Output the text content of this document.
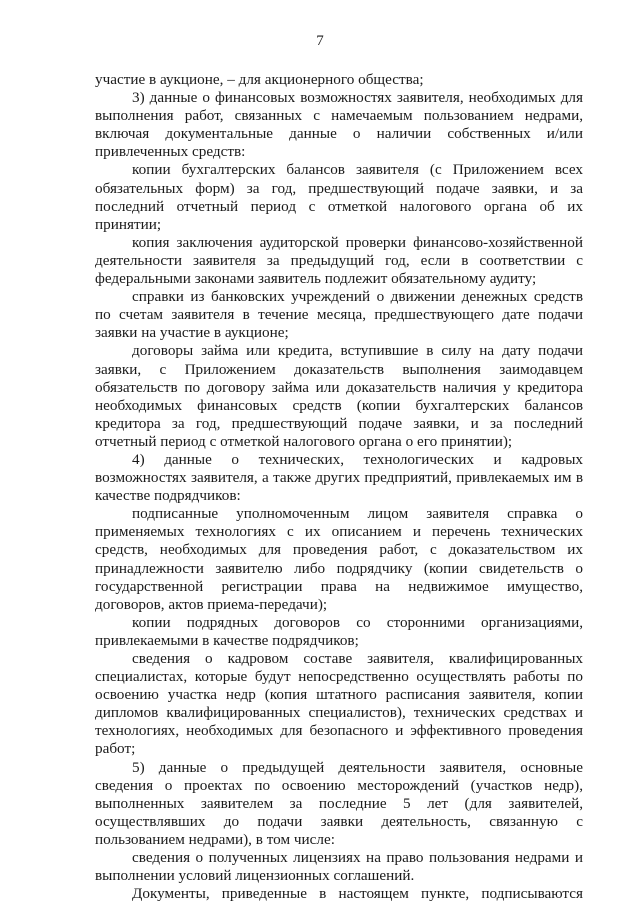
7

участие в аукционе, – для акционерного общества;

3) данные о финансовых возможностях заявителя, необходимых для выполнения работ, связанных с намечаемым пользованием недрами, включая документальные данные о наличии собственных и/или привлеченных средств:

копии бухгалтерских балансов заявителя (с Приложением всех обязательных форм) за год, предшествующий подаче заявки, и за последний отчетный период с отметкой налогового органа об их принятии;

копия заключения аудиторской проверки финансово-хозяйственной деятельности заявителя за предыдущий год, если в соответствии с федеральными законами заявитель подлежит обязательному аудиту;

справки из банковских учреждений о движении денежных средств по счетам заявителя в течение месяца, предшествующего дате подачи заявки на участие в аукционе;

договоры займа или кредита, вступившие в силу на дату подачи заявки, с Приложением доказательств выполнения заимодавцем обязательств по договору займа или доказательств наличия у кредитора необходимых финансовых средств (копии бухгалтерских балансов кредитора за год, предшествующий подаче заявки, и за последний отчетный период с отметкой налогового органа о его принятии);

4) данные о технических, технологических и кадровых возможностях заявителя, а также других предприятий, привлекаемых им в качестве подрядчиков:

подписанные уполномоченным лицом заявителя справка о применяемых технологиях с их описанием и перечень технических средств, необходимых для проведения работ, с доказательством их принадлежности заявителю либо подрядчику (копии свидетельств о государственной регистрации права на недвижимое имущество, договоров, актов приема-передачи);

копии подрядных договоров со сторонними организациями, привлекаемыми в качестве подрядчиков;

сведения о кадровом составе заявителя, квалифицированных специалистах, которые будут непосредственно осуществлять работы по освоению участка недр (копия штатного расписания заявителя, копии дипломов квалифицированных специалистов), технических средствах и технологиях, необходимых для безопасного и эффективного проведения работ;

5) данные о предыдущей деятельности заявителя, основные сведения о проектах по освоению месторождений (участков недр), выполненных заявителем за последние 5 лет (для заявителей, осуществлявших до подачи заявки деятельность, связанную с пользованием недрами), в том числе:

сведения о полученных лицензиях на право пользования недрами и выполнении условий лицензионных соглашений.

Документы, приведенные в настоящем пункте, подписываются
